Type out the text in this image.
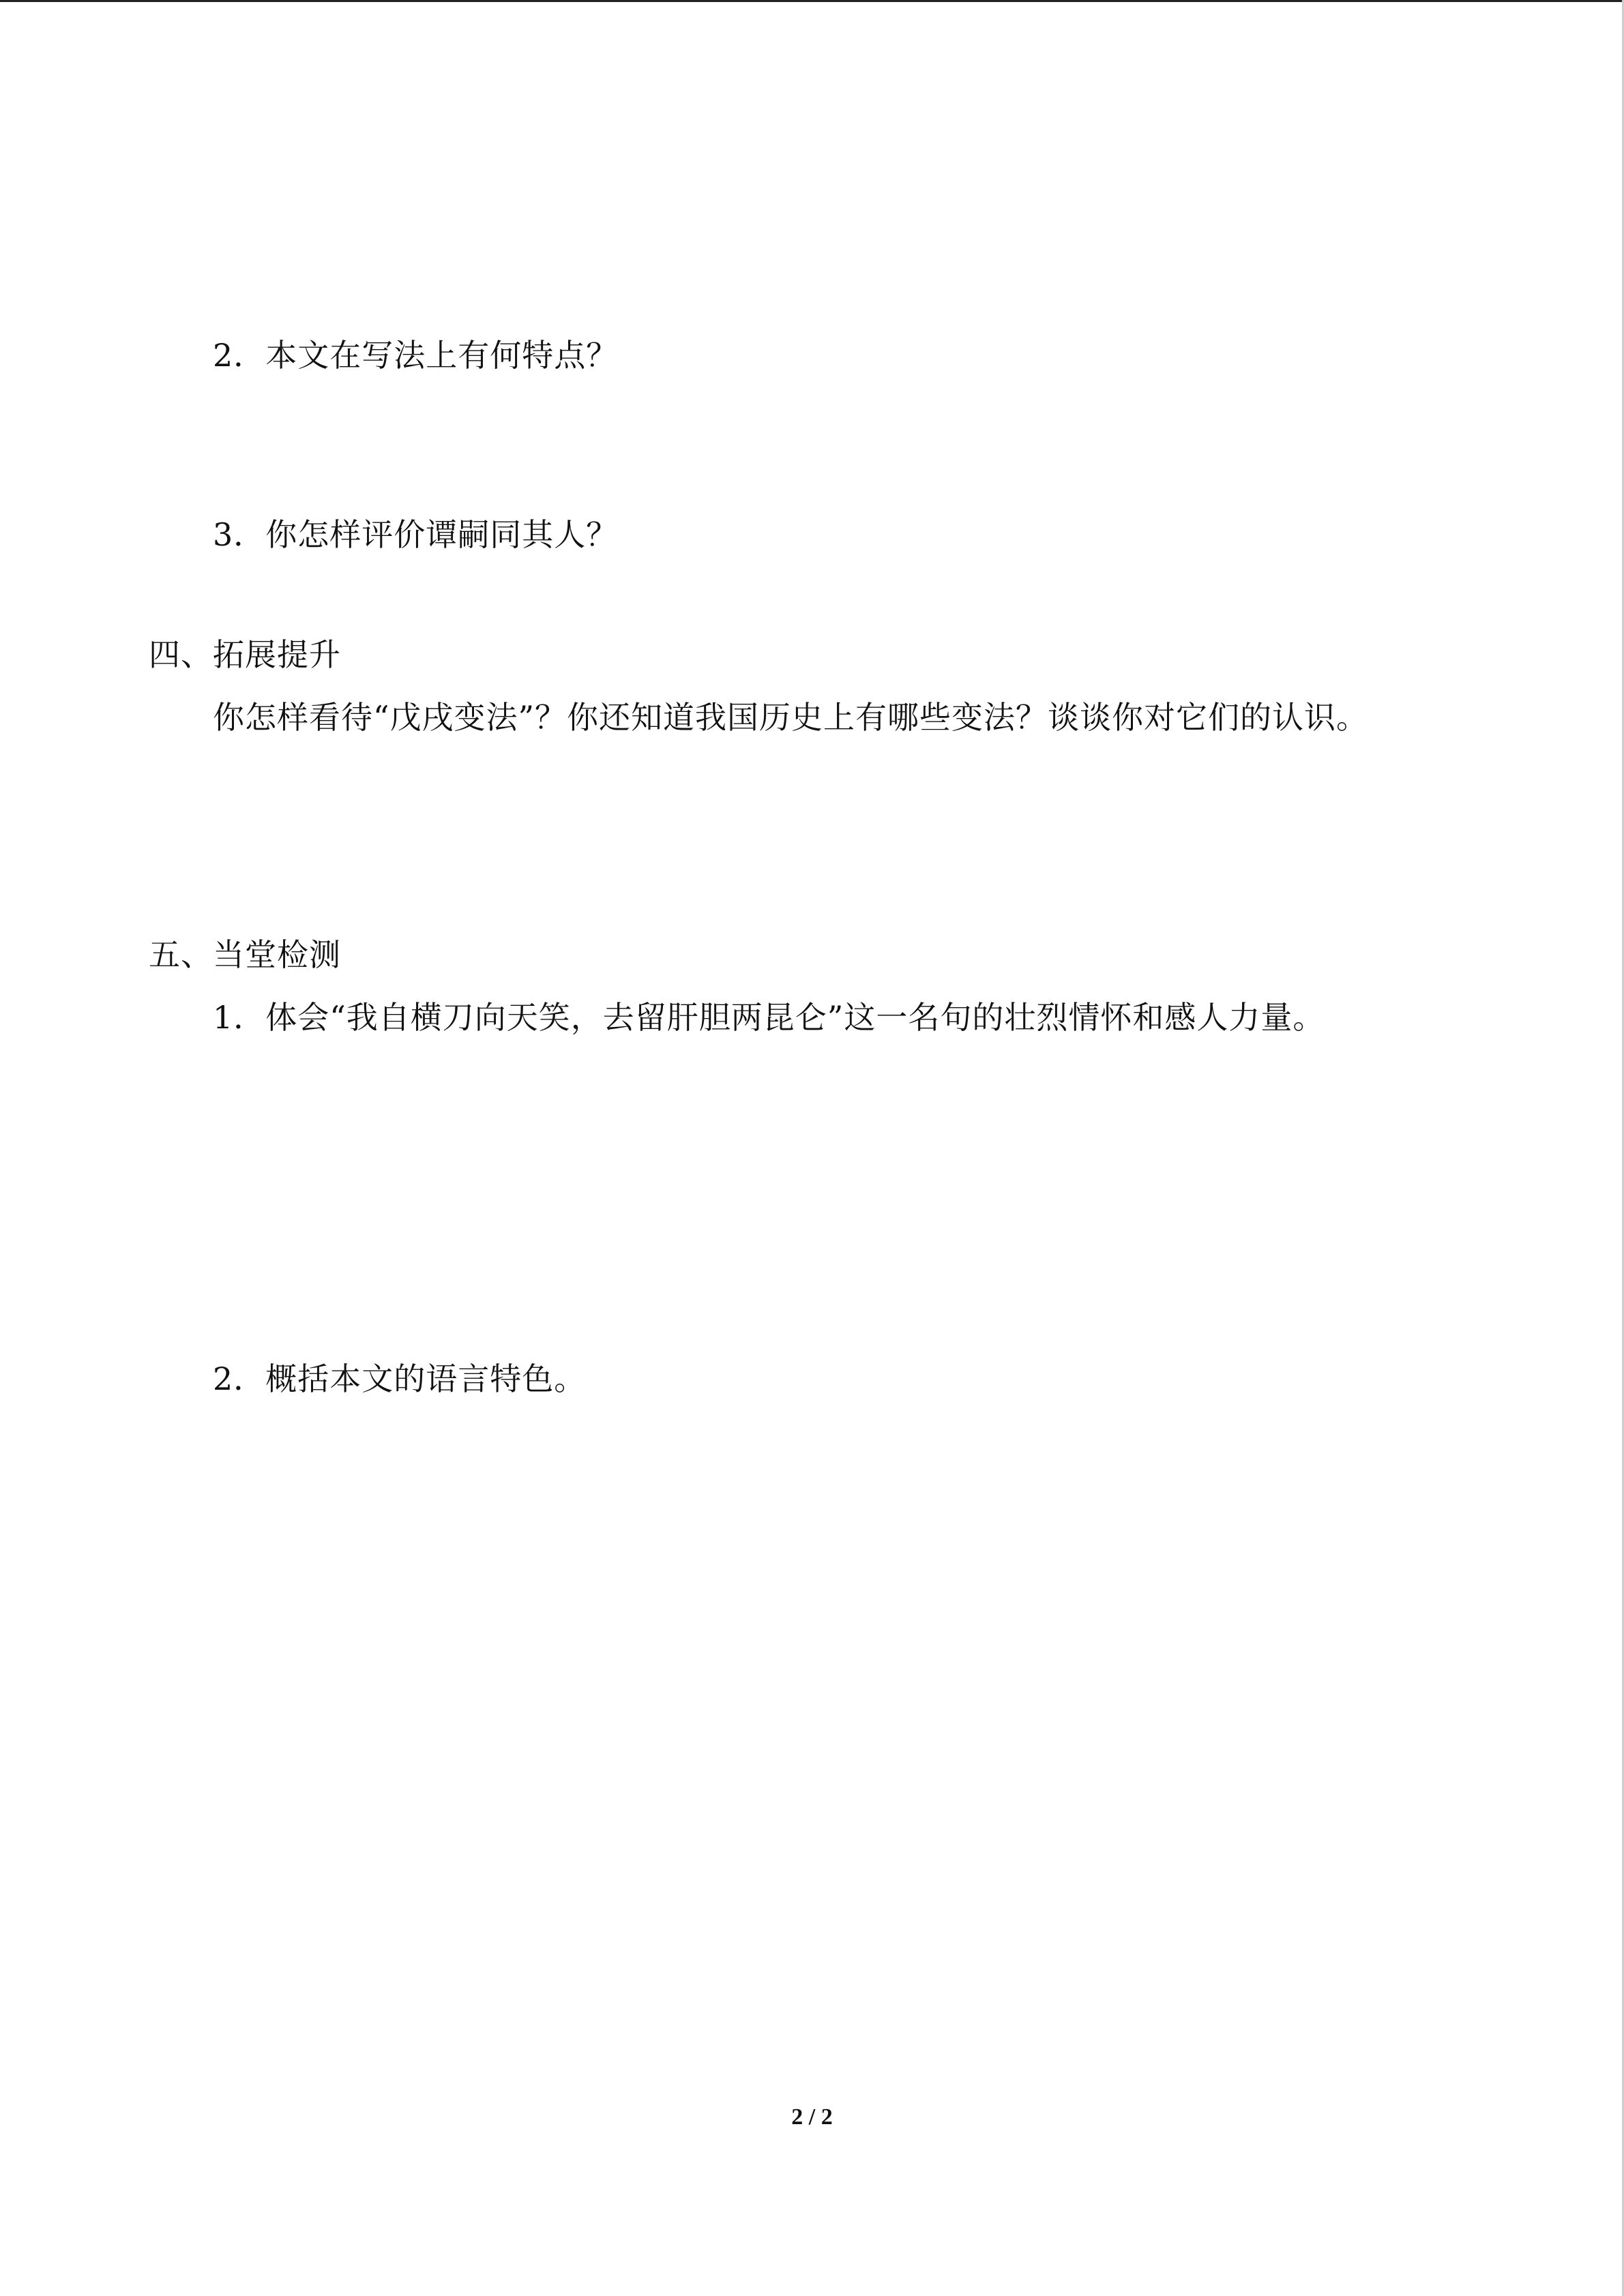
2．本文在写法上有何特点？
3．你怎样评价谭嗣同其人？
四、拓展提升
你怎样看待“戊戌变法”？你还知道我国历史上有哪些变法？谈谈你对它们的认识。
五、当堂检测
1．体会“我自横刀向天笑，去留肝胆两昆仑”这一名句的壮烈情怀和感人力量。
2．概括本文的语言特色。
2 / 2
